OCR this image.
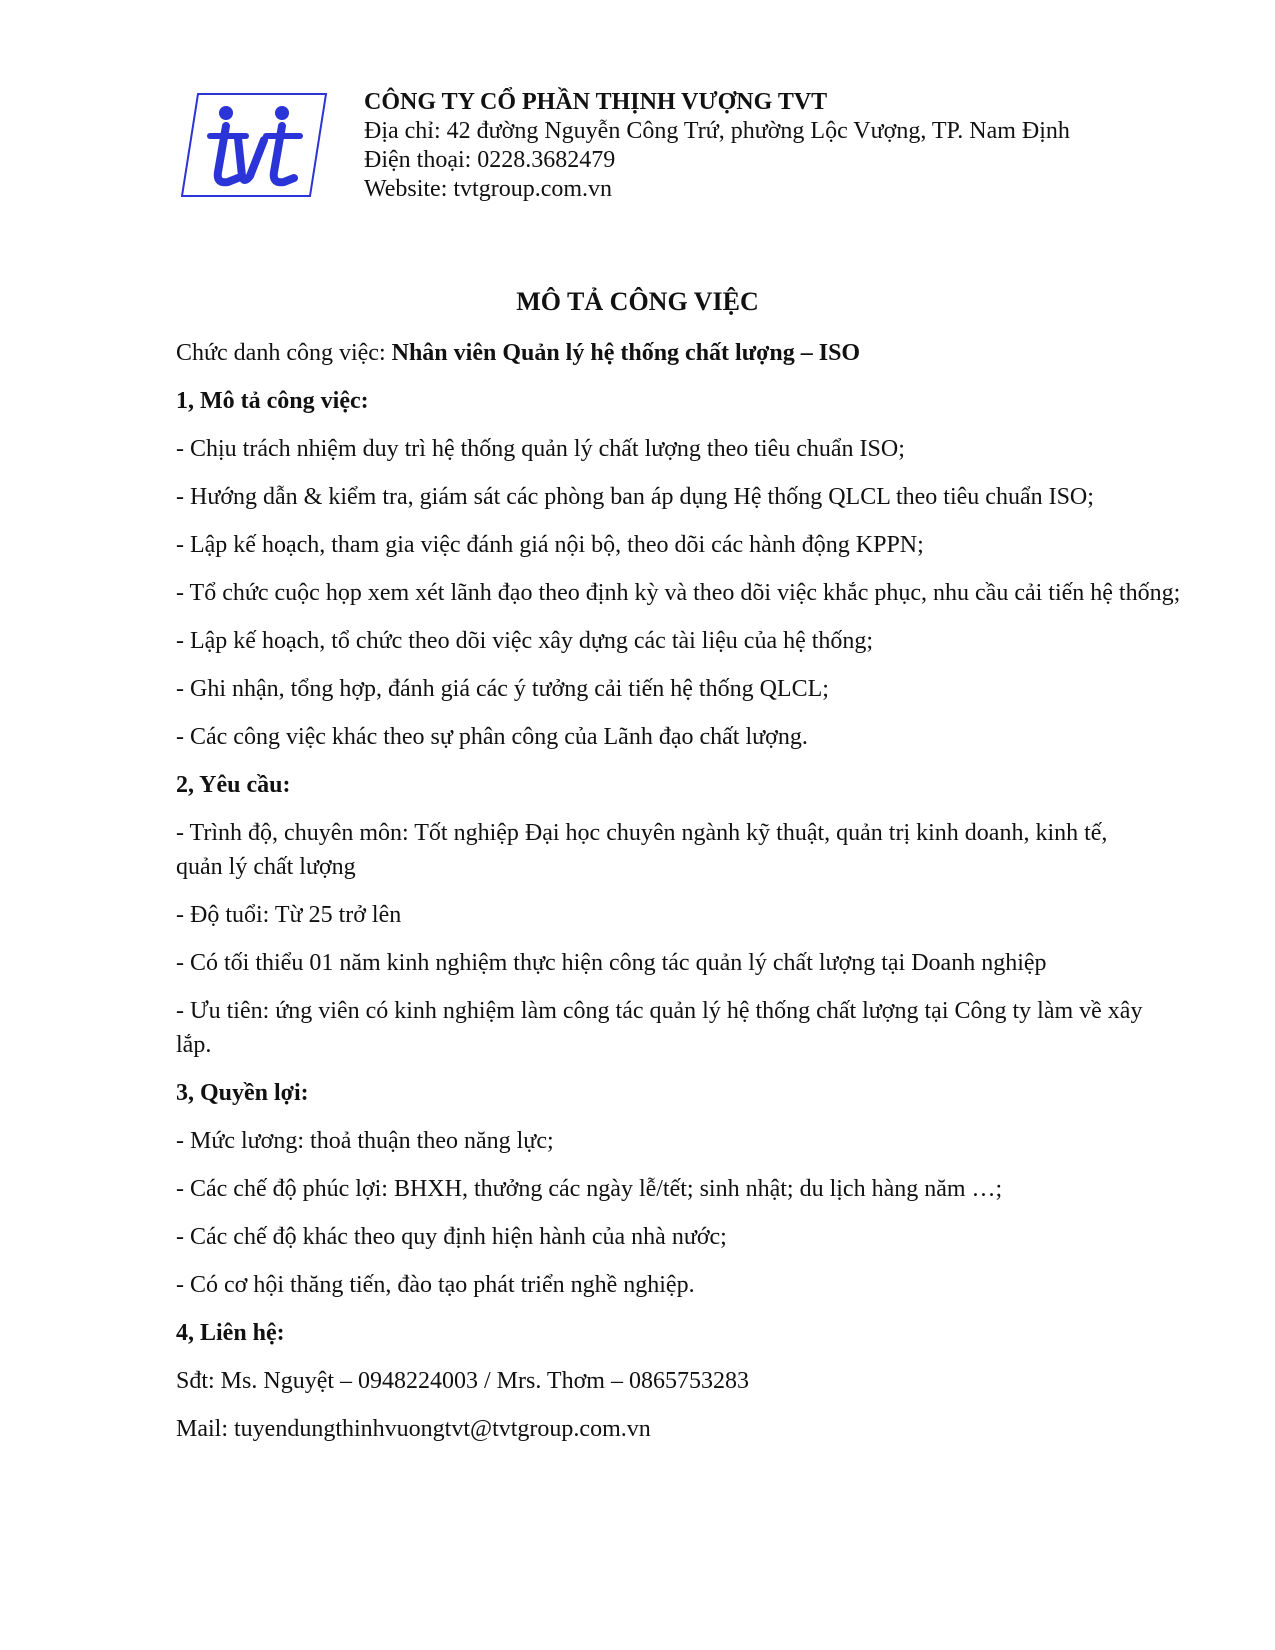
CÔNG TY CỔ PHẦN THỊNH VƯỢNG TVT
Địa chỉ: 42 đường Nguyễn Công Trứ, phường Lộc Vượng, TP. Nam Định
Điện thoại: 0228.3682479
Website: tvtgroup.com.vn
MÔ TẢ CÔNG VIỆC

Chức danh công việc: Nhân viên Quản lý hệ thống chất lượng – ISO

1, Mô tả công việc:

- Chịu trách nhiệm duy trì hệ thống quản lý chất lượng theo tiêu chuẩn ISO;

- Hướng dẫn & kiểm tra, giám sát các phòng ban áp dụng Hệ thống QLCL theo tiêu chuẩn ISO;

- Lập kế hoạch, tham gia việc đánh giá nội bộ, theo dõi các hành động KPPN;

- Tổ chức cuộc họp xem xét lãnh đạo theo định kỳ và theo dõi việc khắc phục, nhu cầu cải tiến hệ thống;

- Lập kế hoạch, tổ chức theo dõi việc xây dựng các tài liệu của hệ thống;

- Ghi nhận, tổng hợp, đánh giá các ý tưởng cải tiến hệ thống QLCL;

- Các công việc khác theo sự phân công của Lãnh đạo chất lượng.

2, Yêu cầu:

- Trình độ, chuyên môn: Tốt nghiệp Đại học chuyên ngành kỹ thuật, quản trị kinh doanh, kinh tế, quản lý chất lượng

- Độ tuổi: Từ 25 trở lên

- Có tối thiểu 01 năm kinh nghiệm thực hiện công tác quản lý chất lượng tại Doanh nghiệp

- Ưu tiên: ứng viên có kinh nghiệm làm công tác quản lý hệ thống chất lượng tại Công ty làm về xây lắp.

3, Quyền lợi:

- Mức lương: thoả thuận theo năng lực;

- Các chế độ phúc lợi: BHXH, thưởng các ngày lễ/tết; sinh nhật; du lịch hàng năm …;

- Các chế độ khác theo quy định hiện hành của nhà nước;

- Có cơ hội thăng tiến, đào tạo phát triển nghề nghiệp.

4, Liên hệ:

Sđt: Ms. Nguyệt – 0948224003 / Mrs. Thơm – 0865753283

Mail: tuyendungthinhvuongtvt@tvtgroup.com.vn
